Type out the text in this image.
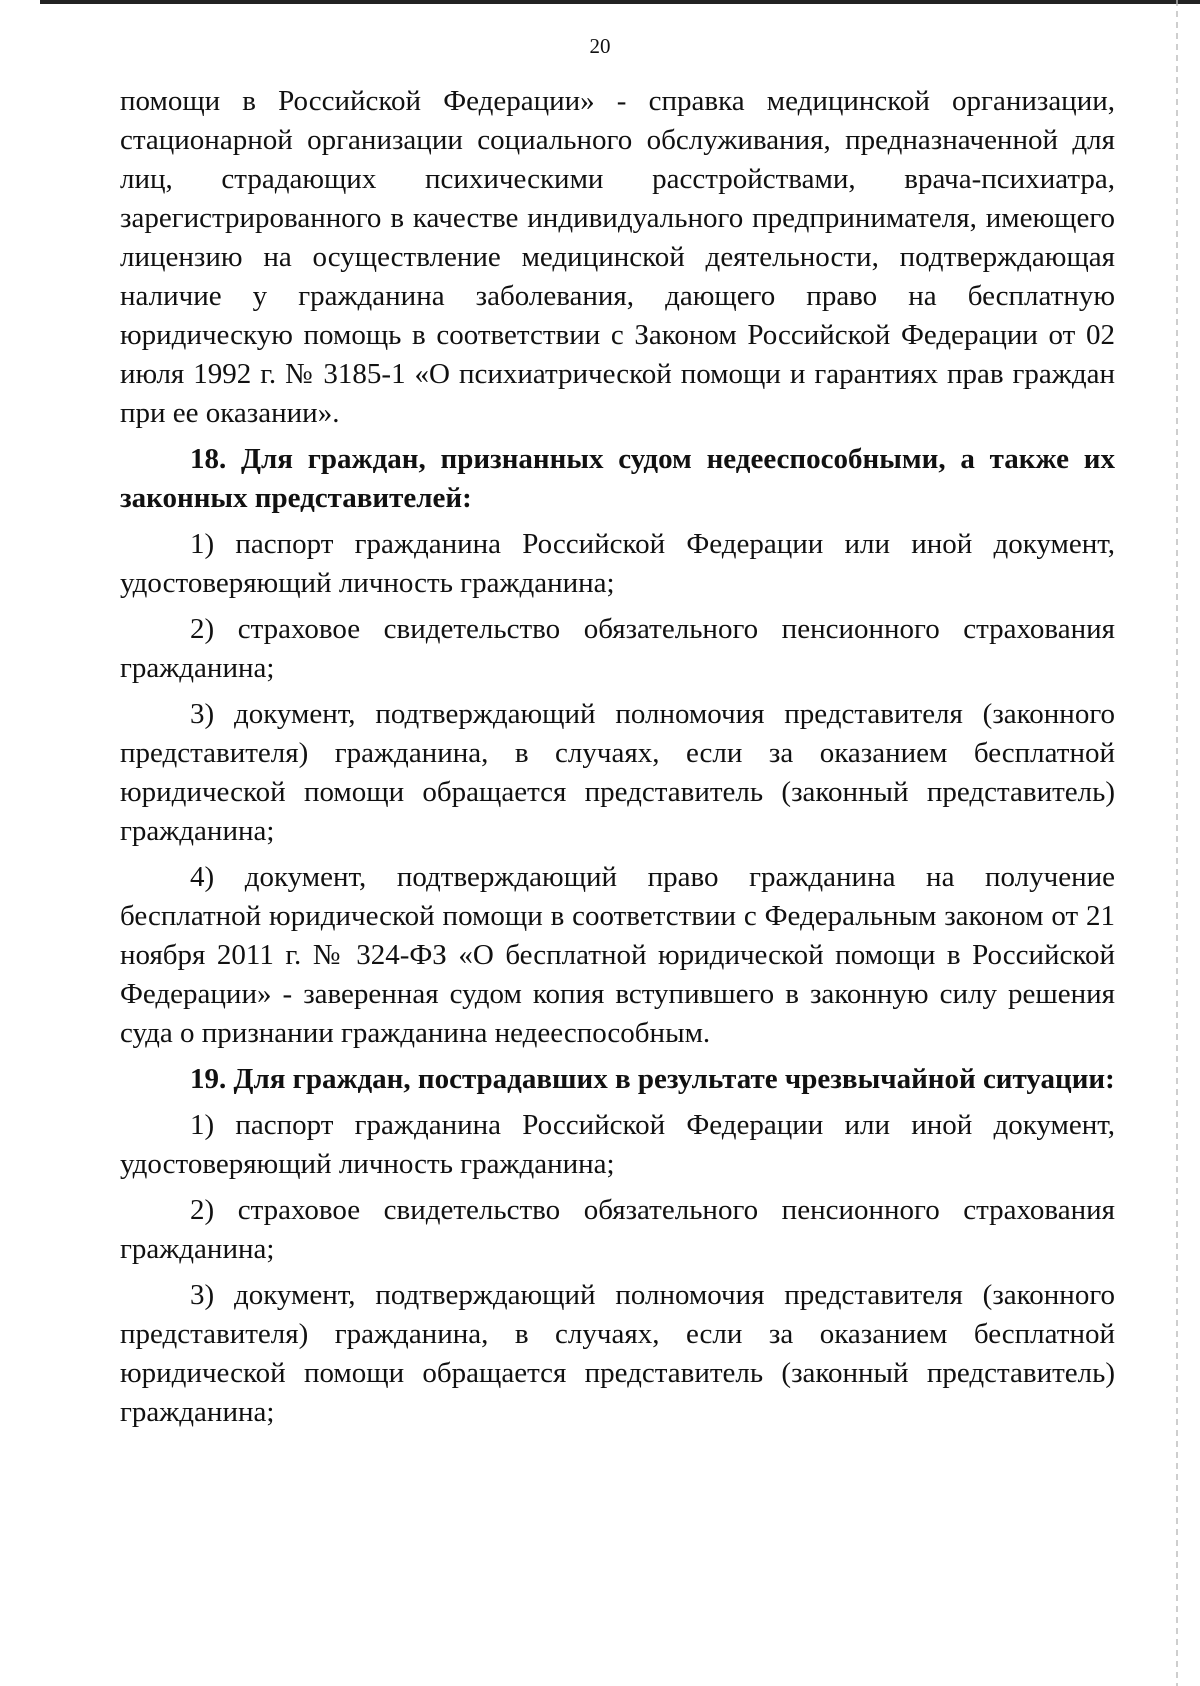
20

помощи в Российской Федерации» - справка медицинской организации, стационарной организации социального обслуживания, предназначенной для лиц, страдающих психическими расстройствами, врача-психиатра, зарегистрированного в качестве индивидуального предпринимателя, имеющего лицензию на осуществление медицинской деятельности, подтверждающая наличие у гражданина заболевания, дающего право на бесплатную юридическую помощь в соответствии с Законом Российской Федерации от 02 июля 1992 г. № 3185-1 «О психиатрической помощи и гарантиях прав граждан при ее оказании».

18. Для граждан, признанных судом недееспособными, а также их законных представителей:

1) паспорт гражданина Российской Федерации или иной документ, удостоверяющий личность гражданина;

2) страховое свидетельство обязательного пенсионного страхования гражданина;

3) документ, подтверждающий полномочия представителя (законного представителя) гражданина, в случаях, если за оказанием бесплатной юридической помощи обращается представитель (законный представитель) гражданина;

4) документ, подтверждающий право гражданина на получение бесплатной юридической помощи в соответствии с Федеральным законом от 21 ноября 2011 г. № 324-ФЗ «О бесплатной юридической помощи в Российской Федерации» - заверенная судом копия вступившего в законную силу решения суда о признании гражданина недееспособным.

19. Для граждан, пострадавших в результате чрезвычайной ситуации:

1) паспорт гражданина Российской Федерации или иной документ, удостоверяющий личность гражданина;

2) страховое свидетельство обязательного пенсионного страхования гражданина;

3) документ, подтверждающий полномочия представителя (законного представителя) гражданина, в случаях, если за оказанием бесплатной юридической помощи обращается представитель (законный представитель) гражданина;
